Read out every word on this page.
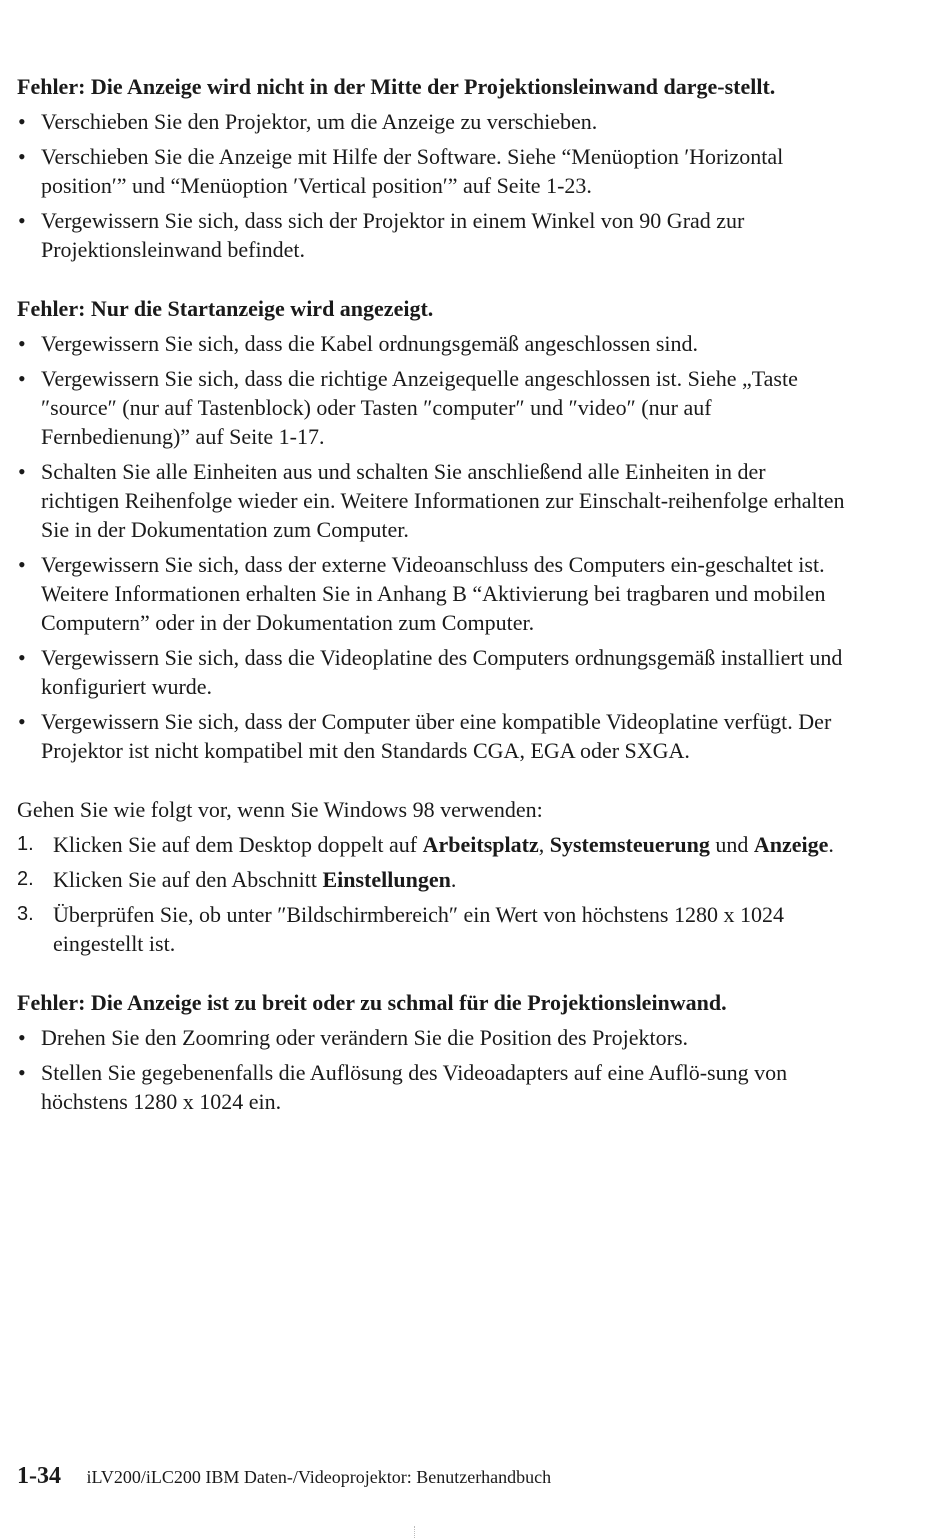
Fehler: Die Anzeige wird nicht in der Mitte der Projektionsleinwand darge-stellt.
• Verschieben Sie den Projektor, um die Anzeige zu verschieben.
• Verschieben Sie die Anzeige mit Hilfe der Software. Siehe “Menüoption ′Horizontal position′” und “Menüoption ′Vertical position′” auf Seite 1-23.
• Vergewissern Sie sich, dass sich der Projektor in einem Winkel von 90 Grad zur Projektionsleinwand befindet.
Fehler: Nur die Startanzeige wird angezeigt.
• Vergewissern Sie sich, dass die Kabel ordnungsgemäß angeschlossen sind.
• Vergewissern Sie sich, dass die richtige Anzeigequelle angeschlossen ist. Siehe „Taste ″source″ (nur auf Tastenblock) oder Tasten ″computer″ und ″video″ (nur auf Fernbedienung)” auf Seite 1-17.
• Schalten Sie alle Einheiten aus und schalten Sie anschließend alle Einheiten in der richtigen Reihenfolge wieder ein. Weitere Informationen zur Einschalt-reihenfolge erhalten Sie in der Dokumentation zum Computer.
• Vergewissern Sie sich, dass der externe Videoanschluss des Computers ein-geschaltet ist. Weitere Informationen erhalten Sie in Anhang B “Aktivierung bei tragbaren und mobilen Computern” oder in der Dokumentation zum Computer.
• Vergewissern Sie sich, dass die Videoplatine des Computers ordnungsgemäß installiert und konfiguriert wurde.
• Vergewissern Sie sich, dass der Computer über eine kompatible Videoplatine verfügt. Der Projektor ist nicht kompatibel mit den Standards CGA, EGA oder SXGA.

Gehen Sie wie folgt vor, wenn Sie Windows 98 verwenden:

1. Klicken Sie auf dem Desktop doppelt auf Arbeitsplatz, Systemsteuerung und Anzeige.
2. Klicken Sie auf den Abschnitt Einstellungen.
3. Überprüfen Sie, ob unter ″Bildschirmbereich″ ein Wert von höchstens 1280 x 1024 eingestellt ist.
Fehler: Die Anzeige ist zu breit oder zu schmal für die Projektionsleinwand.
• Drehen Sie den Zoomring oder verändern Sie die Position des Projektors.
• Stellen Sie gegebenenfalls die Auflösung des Videoadapters auf eine Auflö-sung von höchstens 1280 x 1024 ein.
1-34 iLV200/iLC200 IBM Daten-/Videoprojektor: Benutzerhandbuch
